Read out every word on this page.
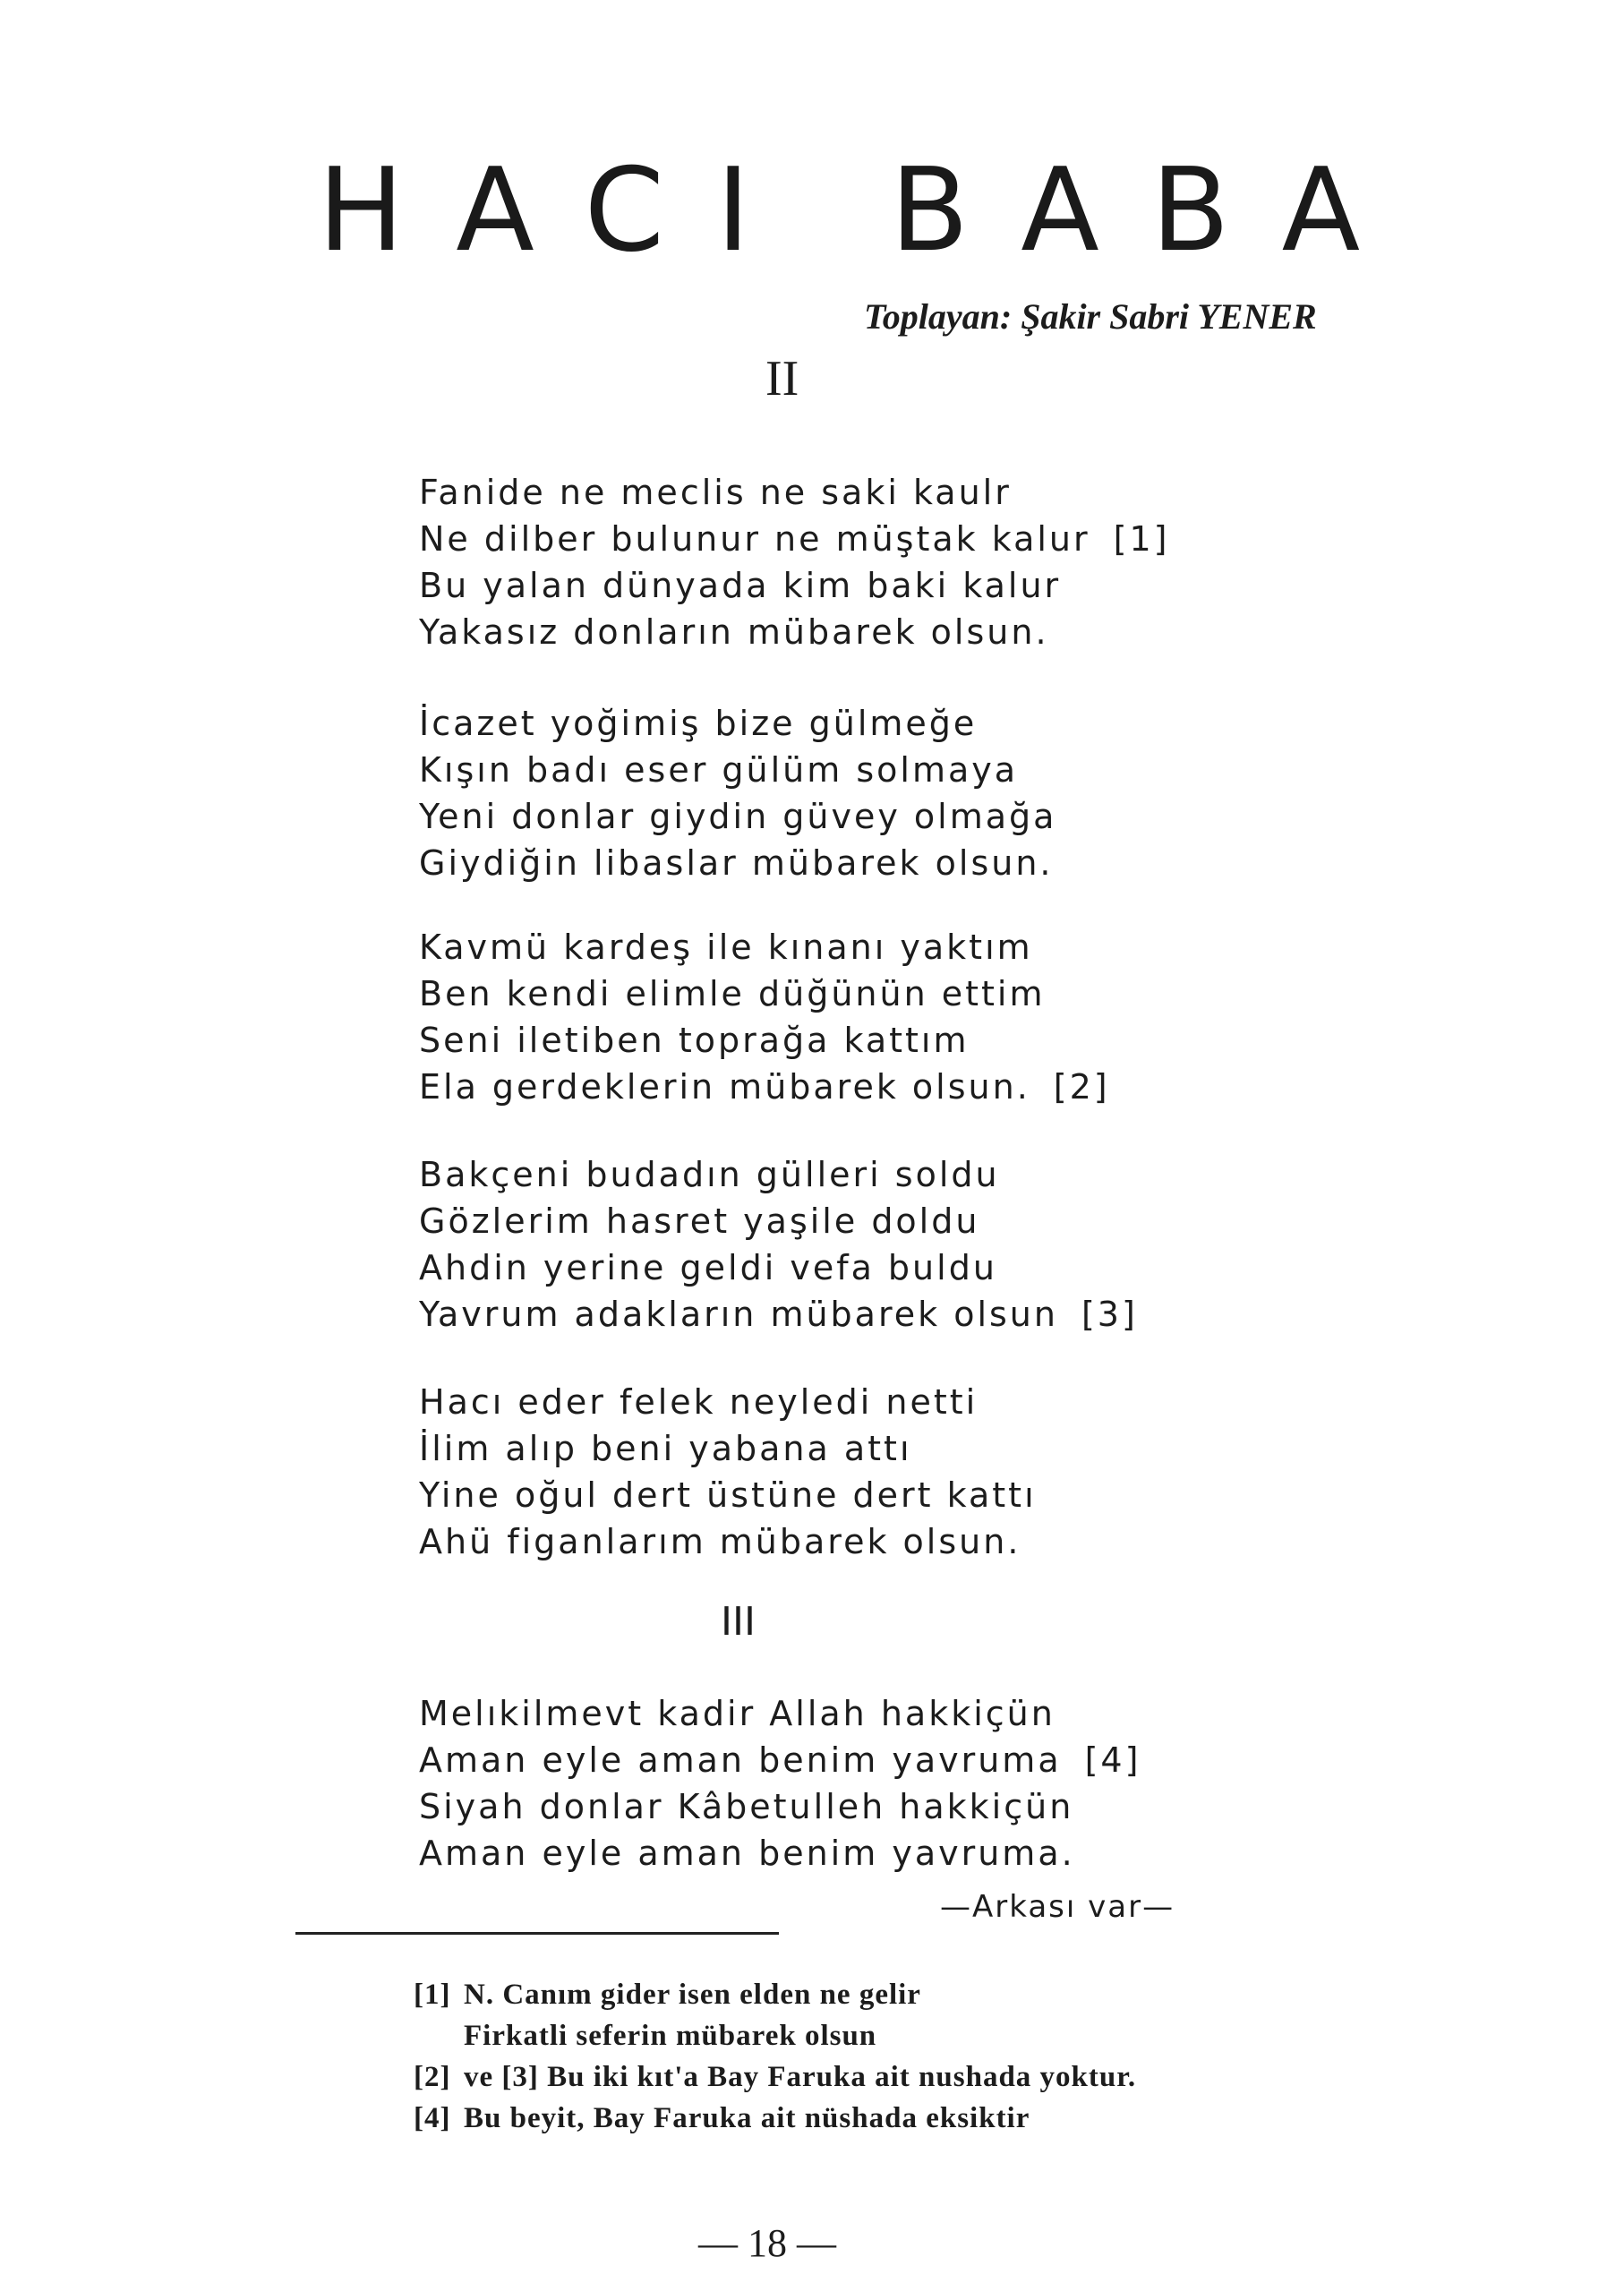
HACI BABA
Toplayan: Şakir Sabri YENER
II
Fanide ne meclis ne saki kaulr
Ne dilber bulunur ne müştak kalur [1]
Bu yalan dünyada kim baki kalur
Yakasız donların mübarek olsun.
İcazet yoğimiş bize gülmeğe
Kışın badı eser gülüm solmaya
Yeni donlar giydin güvey olmağa
Giydiğin libaslar mübarek olsun.
Kavmü kardeş ile kınanı yaktım
Ben kendi elimle düğünün ettim
Seni iletiben toprağa kattım
Ela gerdeklerin mübarek olsun. [2]
Bakçeni budadın gülleri soldu
Gözlerim hasret yaşile doldu
Ahdin yerine geldi vefa buldu
Yavrum adakların mübarek olsun [3]
Hacı eder felek neyledi netti
İlim alıp beni yabana attı
Yine oğul dert üstüne dert kattı
Ahü figanlarım mübarek olsun.
III
Melıkilmevt kadir Allah hakkiçün
Aman eyle aman benim yavruma [4]
Siyah donlar Kâbetulleh hakkiçün
Aman eyle aman benim yavruma.
—Arkası var—
[1] N. Canım gider isen elden ne gelir
Firkatli seferin mübarek olsun
[2] ve [3] Bu iki kıt'a Bay Faruka ait nushada yoktur.
[4] Bu beyit, Bay Faruka ait nüshada eksiktir
— 18 —
